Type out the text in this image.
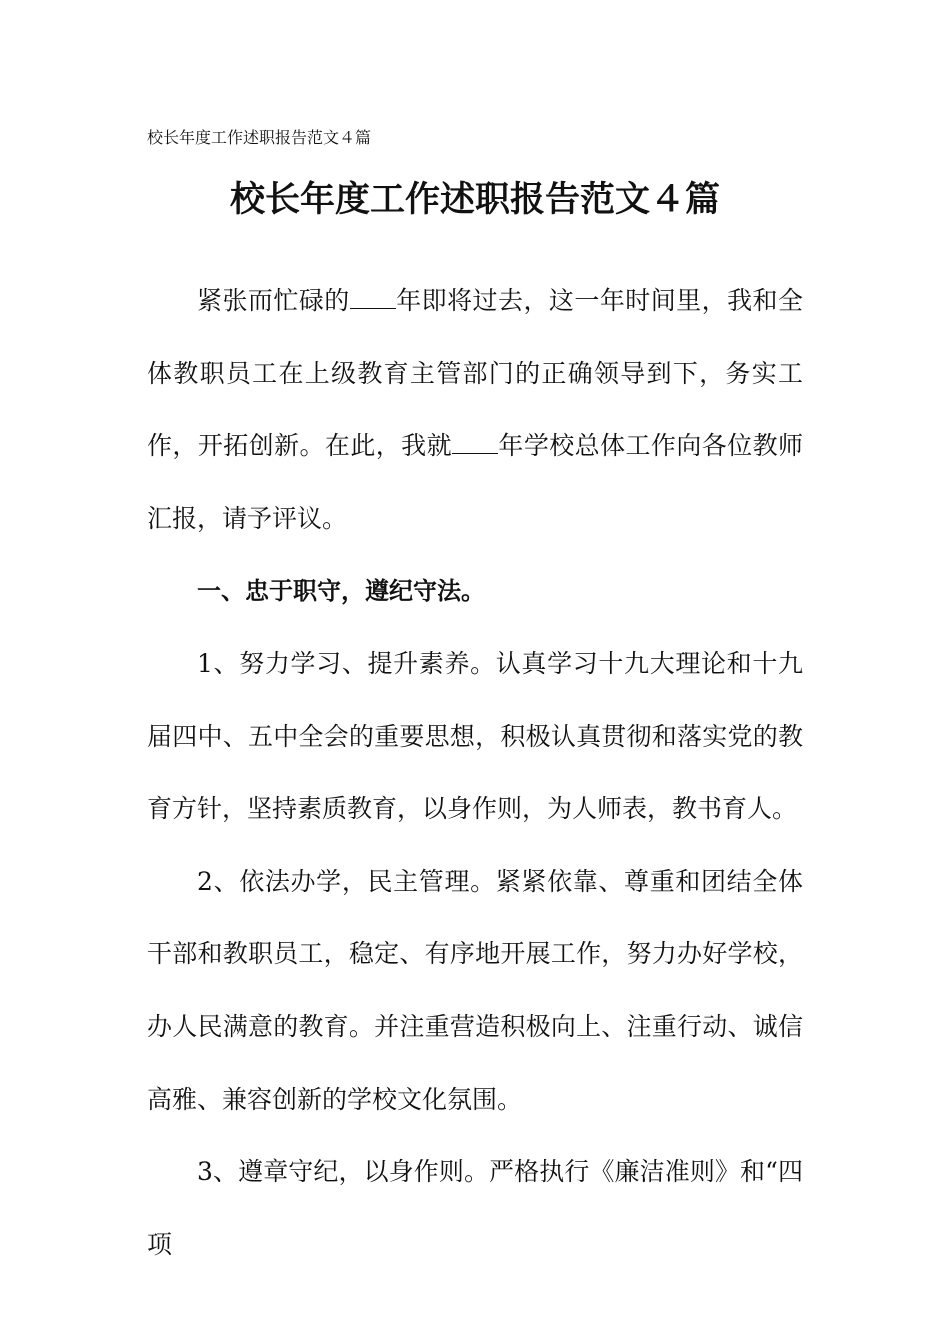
校长年度工作述职报告范文４篇
校长年度工作述职报告范文４篇

紧张而忙碌的 年即将过去，这一年时间里，我和全体教职员工在上级教育主管部门的正确领导到下，务实工作，开拓创新。在此，我就 年学校总体工作向各位教师汇报，请予评议。

一、忠于职守，遵纪守法。

1、努力学习、提升素养。认真学习十九大理论和十九届四中、五中全会的重要思想，积极认真贯彻和落实党的教育方针，坚持素质教育，以身作则，为人师表，教书育人。

2、依法办学，民主管理。紧紧依靠、尊重和团结全体干部和教职员工，稳定、有序地开展工作，努力办好学校，办人民满意的教育。并注重营造积极向上、注重行动、诚信高雅、兼容创新的学校文化氛围。

3、遵章守纪，以身作则。严格执行《廉洁准则》和“四项
